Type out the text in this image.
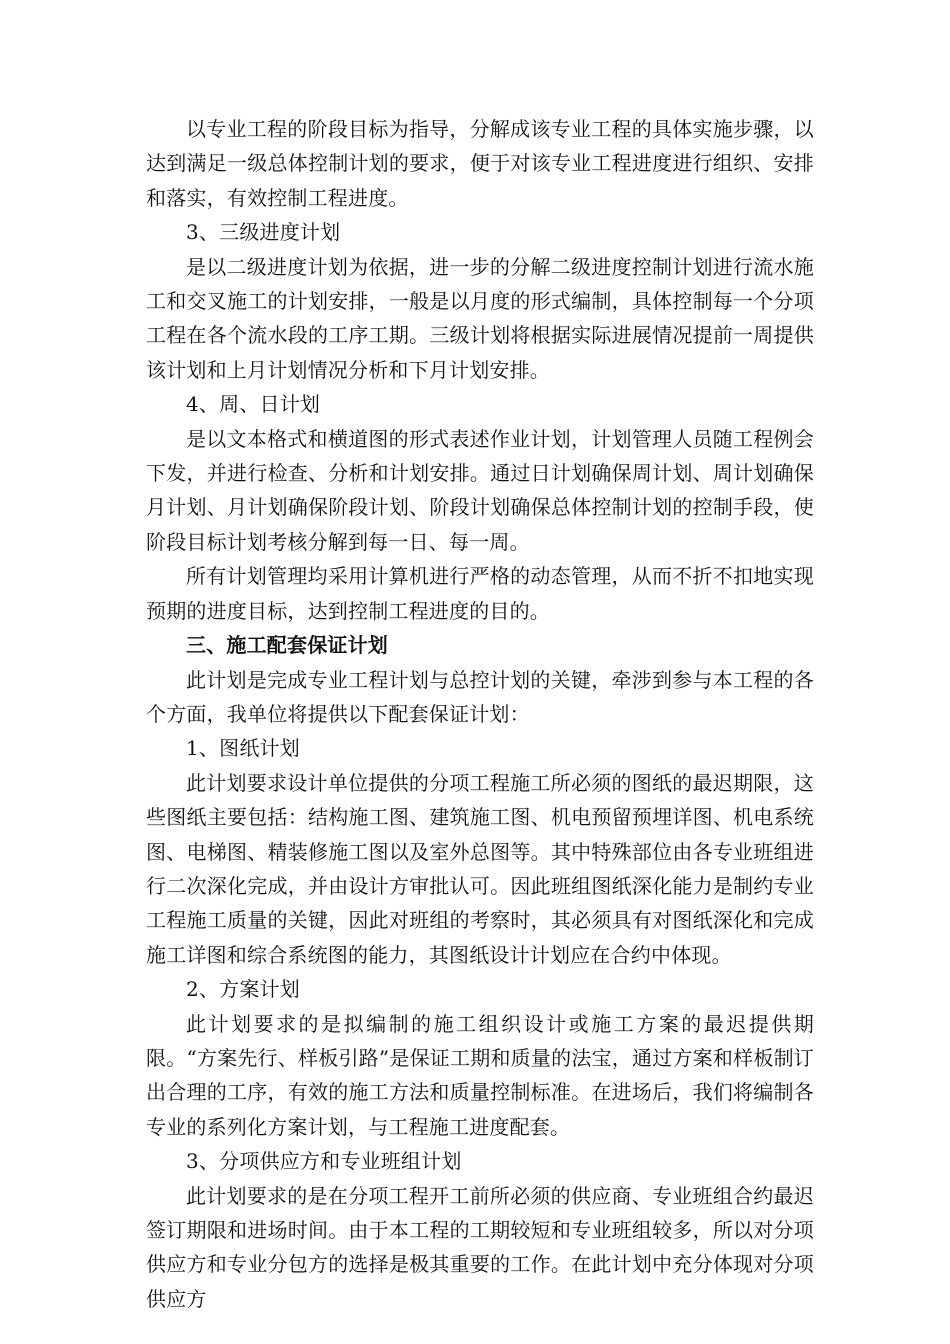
以专业工程的阶段目标为指导，分解成该专业工程的具体实施步骤，以达到满足一级总体控制计划的要求，便于对该专业工程进度进行组织、安排和落实，有效控制工程进度。

3、三级进度计划

是以二级进度计划为依据，进一步的分解二级进度控制计划进行流水施工和交叉施工的计划安排，一般是以月度的形式编制，具体控制每一个分项工程在各个流水段的工序工期。三级计划将根据实际进展情况提前一周提供该计划和上月计划情况分析和下月计划安排。

4、周、日计划

是以文本格式和横道图的形式表述作业计划，计划管理人员随工程例会下发，并进行检查、分析和计划安排。通过日计划确保周计划、周计划确保月计划、月计划确保阶段计划、阶段计划确保总体控制计划的控制手段，使阶段目标计划考核分解到每一日、每一周。

所有计划管理均采用计算机进行严格的动态管理，从而不折不扣地实现预期的进度目标，达到控制工程进度的目的。

三、施工配套保证计划

此计划是完成专业工程计划与总控计划的关键，牵涉到参与本工程的各个方面，我单位将提供以下配套保证计划：

1、图纸计划

此计划要求设计单位提供的分项工程施工所必须的图纸的最迟期限，这些图纸主要包括：结构施工图、建筑施工图、机电预留预埋详图、机电系统图、电梯图、精装修施工图以及室外总图等。其中特殊部位由各专业班组进行二次深化完成，并由设计方审批认可。因此班组图纸深化能力是制约专业工程施工质量的关键，因此对班组的考察时，其必须具有对图纸深化和完成施工详图和综合系统图的能力，其图纸设计计划应在合约中体现。

2、方案计划

此计划要求的是拟编制的施工组织设计或施工方案的最迟提供期限。“方案先行、样板引路”是保证工期和质量的法宝，通过方案和样板制订出合理的工序，有效的施工方法和质量控制标准。在进场后，我们将编制各专业的系列化方案计划，与工程施工进度配套。

3、分项供应方和专业班组计划

此计划要求的是在分项工程开工前所必须的供应商、专业班组合约最迟签订期限和进场时间。由于本工程的工期较短和专业班组较多，所以对分项供应方和专业分包方的选择是极其重要的工作。在此计划中充分体现对分项供应方
